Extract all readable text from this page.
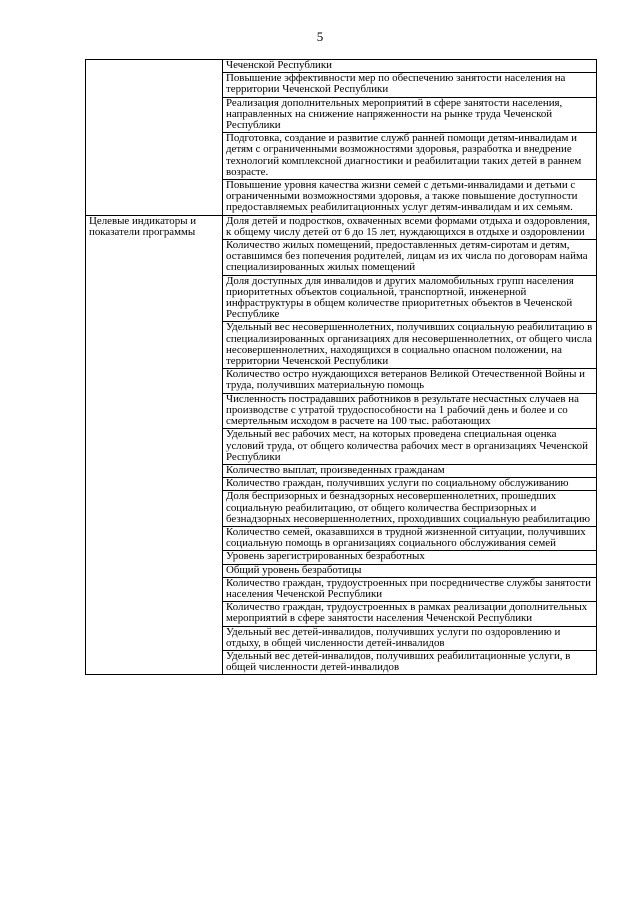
5
	Чеченской Республики
	Повышение эффективности мер по обеспечению занятости населения на территории Чеченской Республики
	Реализация дополнительных мероприятий в сфере занятости населения, направленных на снижение напряженности на рынке труда Чеченской Республики
	Подготовка, создание и развитие служб ранней помощи детям-инвалидам и детям с ограниченными возможностями здоровья, разработка и внедрение технологий комплексной диагностики и реабилитации таких детей в раннем возрасте.
	Повышение уровня качества жизни семей с детьми-инвалидами и детьми с ограниченными возможностями здоровья, а также повышение доступности предоставляемых реабилитационных услуг детям-инвалидам и их семьям.
Целевые индикаторы и показатели программы	Доля детей и подростков, охваченных всеми формами отдыха и оздоровления, к общему числу детей от 6 до 15 лет, нуждающихся в отдыхе и оздоровлении
	Количество жилых помещений, предоставленных детям-сиротам и детям, оставшимся без попечения родителей, лицам из их числа по договорам найма специализированных жилых помещений
	Доля доступных для инвалидов и других маломобильных групп населения приоритетных объектов социальной, транспортной, инженерной инфраструктуры в общем количестве приоритетных объектов в Чеченской Республике
	Удельный вес несовершеннолетних, получивших социальную реабилитацию в специализированных организациях для несовершеннолетних, от общего числа несовершеннолетних, находящихся в социально опасном положении, на территории Чеченской Республики
	Количество остро нуждающихся ветеранов Великой Отечественной Войны и труда, получивших материальную помощь
	Численность пострадавших работников в результате несчастных случаев на производстве с утратой трудоспособности на 1 рабочий день и более и со смертельным исходом в расчете на 100 тыс. работающих
	Удельный вес рабочих мест, на которых проведена специальная оценка условий труда, от общего количества рабочих мест в организациях Чеченской Республики
	Количество выплат, произведенных гражданам
	Количество граждан, получивших услуги по социальному обслуживанию
	Доля беспризорных и безнадзорных несовершеннолетних, прошедших социальную реабилитацию, от общего количества беспризорных и безнадзорных несовершеннолетних, проходивших социальную реабилитацию
	Количество семей, оказавшихся в трудной жизненной ситуации, получивших социальную помощь в организациях социального обслуживания семей
	Уровень зарегистрированных безработных
	Общий уровень безработицы
	Количество граждан, трудоустроенных при посредничестве службы занятости населения Чеченской Республики
	Количество граждан, трудоустроенных в рамках реализации дополнительных мероприятий в сфере занятости населения Чеченской Республики
	Удельный вес детей-инвалидов, получивших услуги по оздоровлению и отдыху, в общей численности детей-инвалидов
	Удельный вес детей-инвалидов, получивших реабилитационные услуги, в общей численности детей-инвалидов
